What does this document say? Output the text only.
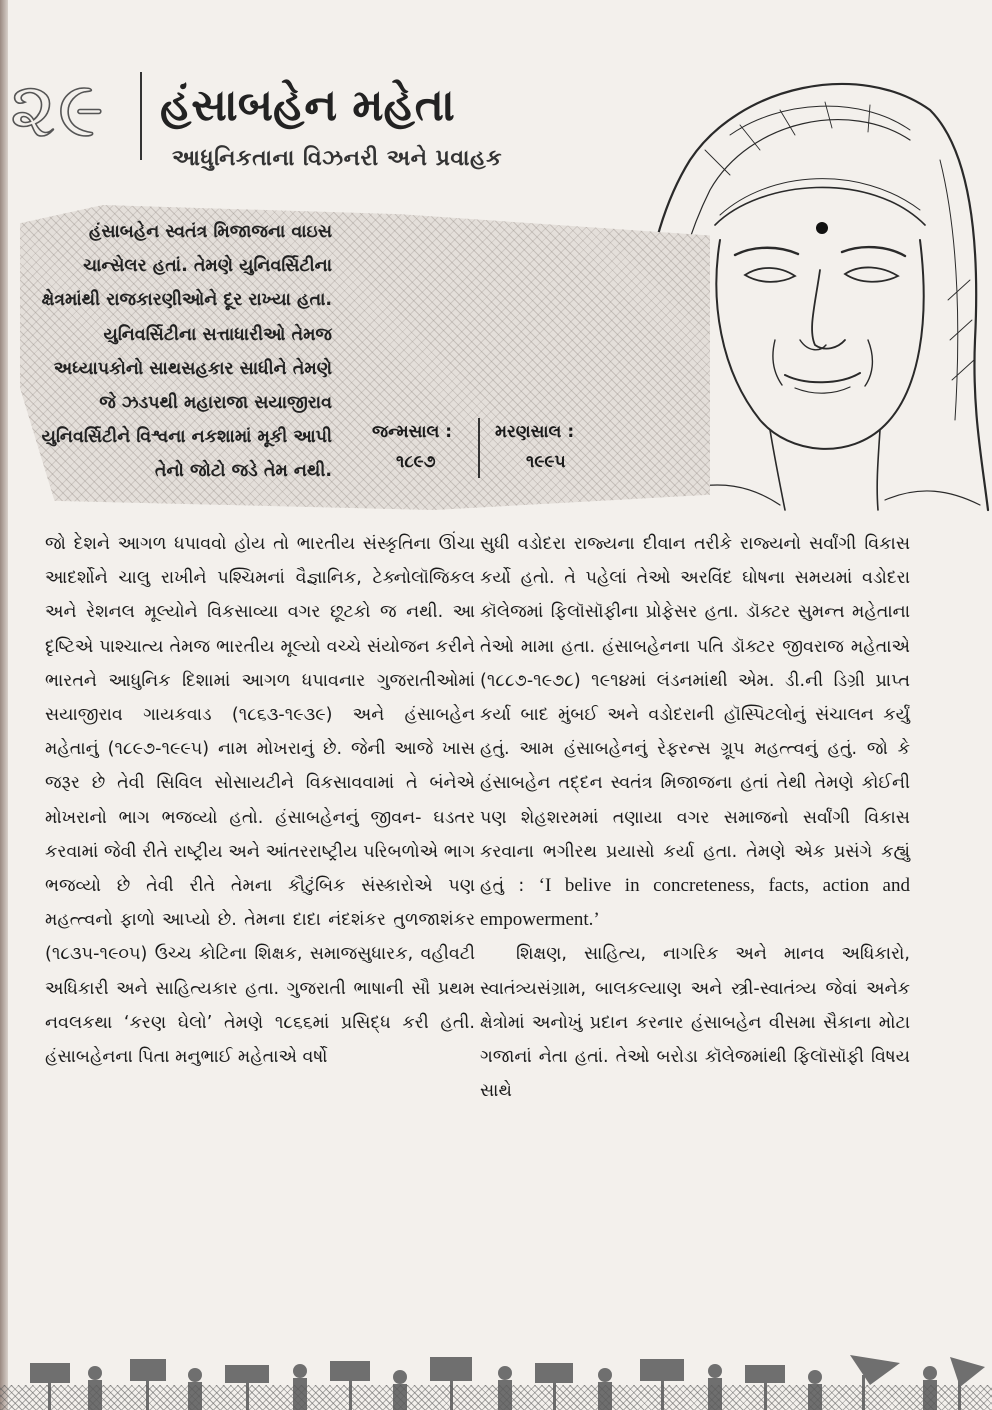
૨૯	હંસાબહેન મહેતા
આધુનિકતાના વિઝનરી અને પ્રવાહક

હંસાબહેન સ્વતંત્ર મિજાજના વાઇસ ચાન્સેલર હતાં. તેમણે યુનિવર્સિટીના ક્ષેત્રમાંથી રાજકારણીઓને દૂર રાખ્યા હતા. યુનિવર્સિટીના સત્તાધારીઓ તેમજ અધ્યાપકોનો સાથસહકાર સાધીને તેમણે જે ઝડપથી મહારાજા સયાજીરાવ યુનિવર્સિટીને વિશ્વના નકશામાં મૂકી આપી તેનો જોટો જડે તેમ નથી.

જન્મસાલ :
૧૮૯૭
મરણસાલ :
૧૯૯૫

જો દેશને આગળ ધપાવવો હોય તો ભારતીય સંસ્કૃતિના ઊંચા આદર્શોને ચાલુ રાખીને પશ્ચિમનાં વૈજ્ઞાનિક, ટેક્નોલૉજિકલ અને રેશનલ મૂલ્યોને વિકસાવ્યા વગર છૂટકો જ નથી. આ દૃષ્ટિએ પાશ્ચાત્ય તેમજ ભારતીય મૂલ્યો વચ્ચે સંયોજન કરીને ભારતને આધુનિક દિશામાં આગળ ધપાવનાર ગુજરાતીઓમાં સયાજીરાવ ગાયકવાડ (૧૮૬૩-૧૯૩૯) અને હંસાબહેન મહેતાનું (૧૮૯૭-૧૯૯૫) નામ મોખરાનું છે. જેની આજે ખાસ જરૂર છે તેવી સિવિલ સોસાયટીને વિકસાવવામાં તે બંનેએ મોખરાનો ભાગ ભજવ્યો હતો. હંસાબહેનનું જીવન- ઘડતર કરવામાં જેવી રીતે રાષ્ટ્રીય અને આંતરરાષ્ટ્રીય પરિબળોએ ભાગ ભજવ્યો છે તેવી રીતે તેમના કૌટુંબિક સંસ્કારોએ પણ મહત્ત્વનો ફાળો આપ્યો છે. તેમના દાદા નંદશંકર તુળજાશંકર (૧૮૩૫-૧૯૦૫) ઉચ્ચ કોટિના શિક્ષક, સમાજસુધારક, વહીવટી અધિકારી અને સાહિત્યકાર હતા. ગુજરાતી ભાષાની સૌ પ્રથમ નવલકથા ‘કરણ ઘેલો’ તેમણે ૧૮૬૬માં પ્રસિદ્ધ કરી હતી. હંસાબહેનના પિતા મનુભાઈ મહેતાએ વર્ષો

સુધી વડોદરા રાજ્યના દીવાન તરીકે રાજ્યનો સર્વાંગી વિકાસ કર્યો હતો. તે પહેલાં તેઓ અરવિંદ ઘોષના સમયમાં વડોદરા કૉલેજમાં ફિલૉસૉફીના પ્રોફેસર હતા. ડૉક્ટર સુમન્ત મહેતાના તેઓ મામા હતા. હંસાબહેનના પતિ ડૉક્ટર જીવરાજ મહેતાએ (૧૮૮૭-૧૯૭૮) ૧૯૧૪માં લંડનમાંથી એમ. ડી.ની ડિગ્રી પ્રાપ્ત કર્યા બાદ મુંબઈ અને વડોદરાની હૉસ્પિટલોનું સંચાલન કર્યું હતું. આમ હંસાબહેનનું રેફરન્સ ગ્રૂપ મહત્ત્વનું હતું. જો કે હંસાબહેન તદ્દન સ્વતંત્ર મિજાજના હતાં તેથી તેમણે કોઈની પણ શેહશરમમાં તણાયા વગર સમાજનો સર્વાંગી વિકાસ કરવાના ભગીરથ પ્રયાસો કર્યા હતા. તેમણે એક પ્રસંગે કહ્યું હતું : ‘I belive in concreteness, facts, action and empowerment.’

શિક્ષણ, સાહિત્ય, નાગરિક અને માનવ અધિકારો, સ્વાતંત્ર્યસંગ્રામ, બાલકલ્યાણ અને સ્ત્રી-સ્વાતંત્ર્ય જેવાં અનેક ક્ષેત્રોમાં અનોખું પ્રદાન કરનાર હંસાબહેન વીસમા સૈકાના મોટા ગજાનાં નેતા હતાં. તેઓ બરોડા કૉલેજમાંથી ફિલૉસૉફી વિષય સાથે
